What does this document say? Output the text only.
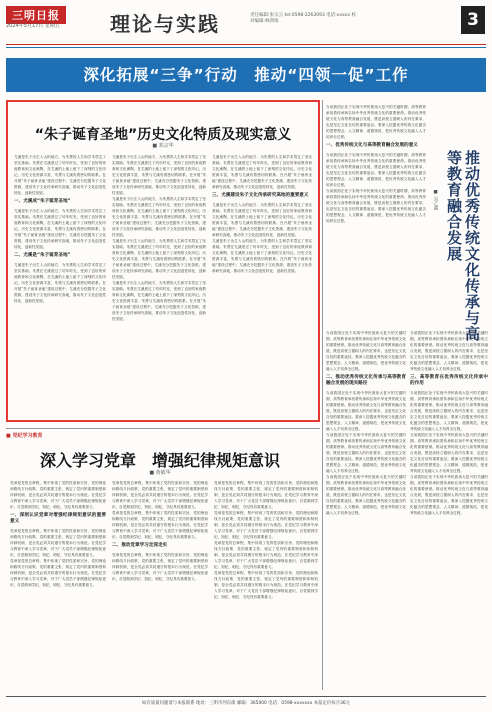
三明日报
2024年5月17日 星期五	理论与实践	责任编辑:张宗云 tel:0598-2263093 电话:xxxxx 校对编辑:林鸿娟	3
深化拓展“三争”行动　推动“四领一促”工作
“朱子诞育圣地”历史文化特质及现实意义
■ 邓宗华
尤溪是朱子出生入山的地方，为朱熹的人生和学术奠定了坚实基础。朱熹在尤溪度过了幼年时光，受到了良好的家庭教育和文化熏陶，在尤溪的土地上留下了深刻的文化印记。历史文化资源丰富，朱熹与尤溪有着密切的联系。在开展“朱子诞育圣地”建设过程中，尤溪充分挖掘朱子文化资源，建设朱子文化传承研究高地，推动朱子文化创造性转化、创新性发展。
一、尤溪成“朱子诞育圣地”
尤溪是朱子出生入山的地方，为朱熹的人生和学术奠定了坚实基础。朱熹在尤溪度过了幼年时光，受到了良好的家庭教育和文化熏陶，在尤溪的土地上留下了深刻的文化印记。历史文化资源丰富，朱熹与尤溪有着密切的联系。在开展“朱子诞育圣地”建设过程中，尤溪充分挖掘朱子文化资源，建设朱子文化传承研究高地，推动朱子文化创造性转化、创新性发展。
二、尤溪是“朱子诞育圣地”
尤溪是朱子出生入山的地方，为朱熹的人生和学术奠定了坚实基础。朱熹在尤溪度过了幼年时光，受到了良好的家庭教育和文化熏陶，在尤溪的土地上留下了深刻的文化印记。历史文化资源丰富，朱熹与尤溪有着密切的联系。在开展“朱子诞育圣地”建设过程中，尤溪充分挖掘朱子文化资源，建设朱子文化传承研究高地，推动朱子文化创造性转化、创新性发展。
尤溪是朱子出生入山的地方，为朱熹的人生和学术奠定了坚实基础。朱熹在尤溪度过了幼年时光，受到了良好的家庭教育和文化熏陶，在尤溪的土地上留下了深刻的文化印记。历史文化资源丰富，朱熹与尤溪有着密切的联系。在开展“朱子诞育圣地”建设过程中，尤溪充分挖掘朱子文化资源，建设朱子文化传承研究高地，推动朱子文化创造性转化、创新性发展。
尤溪是朱子出生入山的地方，为朱熹的人生和学术奠定了坚实基础。朱熹在尤溪度过了幼年时光，受到了良好的家庭教育和文化熏陶，在尤溪的土地上留下了深刻的文化印记。历史文化资源丰富，朱熹与尤溪有着密切的联系。在开展“朱子诞育圣地”建设过程中，尤溪充分挖掘朱子文化资源，建设朱子文化传承研究高地，推动朱子文化创造性转化、创新性发展。
尤溪是朱子出生入山的地方，为朱熹的人生和学术奠定了坚实基础。朱熹在尤溪度过了幼年时光，受到了良好的家庭教育和文化熏陶，在尤溪的土地上留下了深刻的文化印记。历史文化资源丰富，朱熹与尤溪有着密切的联系。在开展“朱子诞育圣地”建设过程中，尤溪充分挖掘朱子文化资源，建设朱子文化传承研究高地，推动朱子文化创造性转化、创新性发展。
尤溪是朱子出生入山的地方，为朱熹的人生和学术奠定了坚实基础。朱熹在尤溪度过了幼年时光，受到了良好的家庭教育和文化熏陶，在尤溪的土地上留下了深刻的文化印记。历史文化资源丰富，朱熹与尤溪有着密切的联系。在开展“朱子诞育圣地”建设过程中，尤溪充分挖掘朱子文化资源，建设朱子文化传承研究高地，推动朱子文化创造性转化、创新性发展。
尤溪是朱子出生入山的地方，为朱熹的人生和学术奠定了坚实基础。朱熹在尤溪度过了幼年时光，受到了良好的家庭教育和文化熏陶，在尤溪的土地上留下了深刻的文化印记。历史文化资源丰富，朱熹与尤溪有着密切的联系。在开展“朱子诞育圣地”建设过程中，尤溪充分挖掘朱子文化资源，建设朱子文化传承研究高地，推动朱子文化创造性转化、创新性发展。
三、尤溪建设朱子文化传承研究高地的重要意义
尤溪是朱子出生入山的地方，为朱熹的人生和学术奠定了坚实基础。朱熹在尤溪度过了幼年时光，受到了良好的家庭教育和文化熏陶，在尤溪的土地上留下了深刻的文化印记。历史文化资源丰富，朱熹与尤溪有着密切的联系。在开展“朱子诞育圣地”建设过程中，尤溪充分挖掘朱子文化资源，建设朱子文化传承研究高地，推动朱子文化创造性转化、创新性发展。
尤溪是朱子出生入山的地方，为朱熹的人生和学术奠定了坚实基础。朱熹在尤溪度过了幼年时光，受到了良好的家庭教育和文化熏陶，在尤溪的土地上留下了深刻的文化印记。历史文化资源丰富，朱熹与尤溪有着密切的联系。在开展“朱子诞育圣地”建设过程中，尤溪充分挖掘朱子文化资源，建设朱子文化传承研究高地，推动朱子文化创造性转化、创新性发展。
当前我国正处于实现中华民族伟大复兴的关键时期，高等教育承担着传承和弘扬中华优秀传统文化的重要使命。推动优秀传统文化与高等教育融合发展，既是高校立德树人的内在要求，也是坚定文化自信的重要途径。要深入挖掘优秀传统文化蕴含的思想观念、人文精神、道德规范，把优秀传统文化融入人才培养全过程。
一、优秀传统文化与高等教育融合发展的意义
当前我国正处于实现中华民族伟大复兴的关键时期，高等教育承担着传承和弘扬中华优秀传统文化的重要使命。推动优秀传统文化与高等教育融合发展，既是高校立德树人的内在要求，也是坚定文化自信的重要途径。要深入挖掘优秀传统文化蕴含的思想观念、人文精神、道德规范，把优秀传统文化融入人才培养全过程。
当前我国正处于实现中华民族伟大复兴的关键时期，高等教育承担着传承和弘扬中华优秀传统文化的重要使命。推动优秀传统文化与高等教育融合发展，既是高校立德树人的内在要求，也是坚定文化自信的重要途径。要深入挖掘优秀传统文化蕴含的思想观念、人文精神、道德规范，把优秀传统文化融入人才培养全过程。	推动优秀传统文化传承与高等教育融合发展
■ 吴乙鑫
当前我国正处于实现中华民族伟大复兴的关键时期，高等教育承担着传承和弘扬中华优秀传统文化的重要使命。推动优秀传统文化与高等教育融合发展，既是高校立德树人的内在要求，也是坚定文化自信的重要途径。要深入挖掘优秀传统文化蕴含的思想观念、人文精神、道德规范，把优秀传统文化融入人才培养全过程。
二、推动优秀传统文化传承与高等教育融合发展的现实路径
当前我国正处于实现中华民族伟大复兴的关键时期，高等教育承担着传承和弘扬中华优秀传统文化的重要使命。推动优秀传统文化与高等教育融合发展，既是高校立德树人的内在要求，也是坚定文化自信的重要途径。要深入挖掘优秀传统文化蕴含的思想观念、人文精神、道德规范，把优秀传统文化融入人才培养全过程。
当前我国正处于实现中华民族伟大复兴的关键时期，高等教育承担着传承和弘扬中华优秀传统文化的重要使命。推动优秀传统文化与高等教育融合发展，既是高校立德树人的内在要求，也是坚定文化自信的重要途径。要深入挖掘优秀传统文化蕴含的思想观念、人文精神、道德规范，把优秀传统文化融入人才培养全过程。
当前我国正处于实现中华民族伟大复兴的关键时期，高等教育承担着传承和弘扬中华优秀传统文化的重要使命。推动优秀传统文化与高等教育融合发展，既是高校立德树人的内在要求，也是坚定文化自信的重要途径。要深入挖掘优秀传统文化蕴含的思想观念、人文精神、道德规范，把优秀传统文化融入人才培养全过程。
当前我国正处于实现中华民族伟大复兴的关键时期，高等教育承担着传承和弘扬中华优秀传统文化的重要使命。推动优秀传统文化与高等教育融合发展，既是高校立德树人的内在要求，也是坚定文化自信的重要途径。要深入挖掘优秀传统文化蕴含的思想观念、人文精神、道德规范，把优秀传统文化融入人才培养全过程。
三、高等教育在优秀传统文化传承中的作用
当前我国正处于实现中华民族伟大复兴的关键时期，高等教育承担着传承和弘扬中华优秀传统文化的重要使命。推动优秀传统文化与高等教育融合发展，既是高校立德树人的内在要求，也是坚定文化自信的重要途径。要深入挖掘优秀传统文化蕴含的思想观念、人文精神、道德规范，把优秀传统文化融入人才培养全过程。
当前我国正处于实现中华民族伟大复兴的关键时期，高等教育承担着传承和弘扬中华优秀传统文化的重要使命。推动优秀传统文化与高等教育融合发展，既是高校立德树人的内在要求，也是坚定文化自信的重要途径。要深入挖掘优秀传统文化蕴含的思想观念、人文精神、道德规范，把优秀传统文化融入人才培养全过程。
当前我国正处于实现中华民族伟大复兴的关键时期，高等教育承担着传承和弘扬中华优秀传统文化的重要使命。推动优秀传统文化与高等教育融合发展，既是高校立德树人的内在要求，也是坚定文化自信的重要途径。要深入挖掘优秀传统文化蕴含的思想观念、人文精神、道德规范，把优秀传统文化融入人才培养全过程。
■ 党纪学习教育
深入学习党章　增强纪律规矩意识
■ 黄敏华
党章是党的总章程，集中体现了党的性质和宗旨、党的理论和路线方针政策、党的重要主张，规定了党内的重要制度和体制机制，是全党必须共同遵守的根本行为规范。在党纪学习教育中深入学习党章，对于广大党员干部增强纪律规矩意识，自觉做到学纪、知纪、明纪、守纪具有重要意义。
一、深刻认识党章对增强纪律规矩意识的重要意义
党章是党的总章程，集中体现了党的性质和宗旨、党的理论和路线方针政策、党的重要主张，规定了党内的重要制度和体制机制，是全党必须共同遵守的根本行为规范。在党纪学习教育中深入学习党章，对于广大党员干部增强纪律规矩意识，自觉做到学纪、知纪、明纪、守纪具有重要意义。
党章是党的总章程，集中体现了党的性质和宗旨、党的理论和路线方针政策、党的重要主张，规定了党内的重要制度和体制机制，是全党必须共同遵守的根本行为规范。在党纪学习教育中深入学习党章，对于广大党员干部增强纪律规矩意识，自觉做到学纪、知纪、明纪、守纪具有重要意义。
党章是党的总章程，集中体现了党的性质和宗旨、党的理论和路线方针政策、党的重要主张，规定了党内的重要制度和体制机制，是全党必须共同遵守的根本行为规范。在党纪学习教育中深入学习党章，对于广大党员干部增强纪律规矩意识，自觉做到学纪、知纪、明纪、守纪具有重要意义。
党章是党的总章程，集中体现了党的性质和宗旨、党的理论和路线方针政策、党的重要主张，规定了党内的重要制度和体制机制，是全党必须共同遵守的根本行为规范。在党纪学习教育中深入学习党章，对于广大党员干部增强纪律规矩意识，自觉做到学纪、知纪、明纪、守纪具有重要意义。
二、推动党章学习走深走实
党章是党的总章程，集中体现了党的性质和宗旨、党的理论和路线方针政策、党的重要主张，规定了党内的重要制度和体制机制，是全党必须共同遵守的根本行为规范。在党纪学习教育中深入学习党章，对于广大党员干部增强纪律规矩意识，自觉做到学纪、知纪、明纪、守纪具有重要意义。
党章是党的总章程，集中体现了党的性质和宗旨、党的理论和路线方针政策、党的重要主张，规定了党内的重要制度和体制机制，是全党必须共同遵守的根本行为规范。在党纪学习教育中深入学习党章，对于广大党员干部增强纪律规矩意识，自觉做到学纪、知纪、明纪、守纪具有重要意义。
党章是党的总章程，集中体现了党的性质和宗旨、党的理论和路线方针政策、党的重要主张，规定了党内的重要制度和体制机制，是全党必须共同遵守的根本行为规范。在党纪学习教育中深入学习党章，对于广大党员干部增强纪律规矩意识，自觉做到学纪、知纪、明纪、守纪具有重要意义。
党章是党的总章程，集中体现了党的性质和宗旨、党的理论和路线方针政策、党的重要主张，规定了党内的重要制度和体制机制，是全党必须共同遵守的根本行为规范。在党纪学习教育中深入学习党章，对于广大党员干部增强纪律规矩意识，自觉做到学纪、知纪、明纪、守纪具有重要意义。
党章是党的总章程，集中体现了党的性质和宗旨、党的理论和路线方针政策、党的重要主张，规定了党内的重要制度和体制机制，是全党必须共同遵守的根本行为规范。在党纪学习教育中深入学习党章，对于广大党员干部增强纪律规矩意识，自觉做到学纪、知纪、明纪、守纪具有重要意义。
如有质量问题请与本报联系 地址：三明市列东街 邮编：365000 电话：0598-xxxxxxx 本报定价每月36元
